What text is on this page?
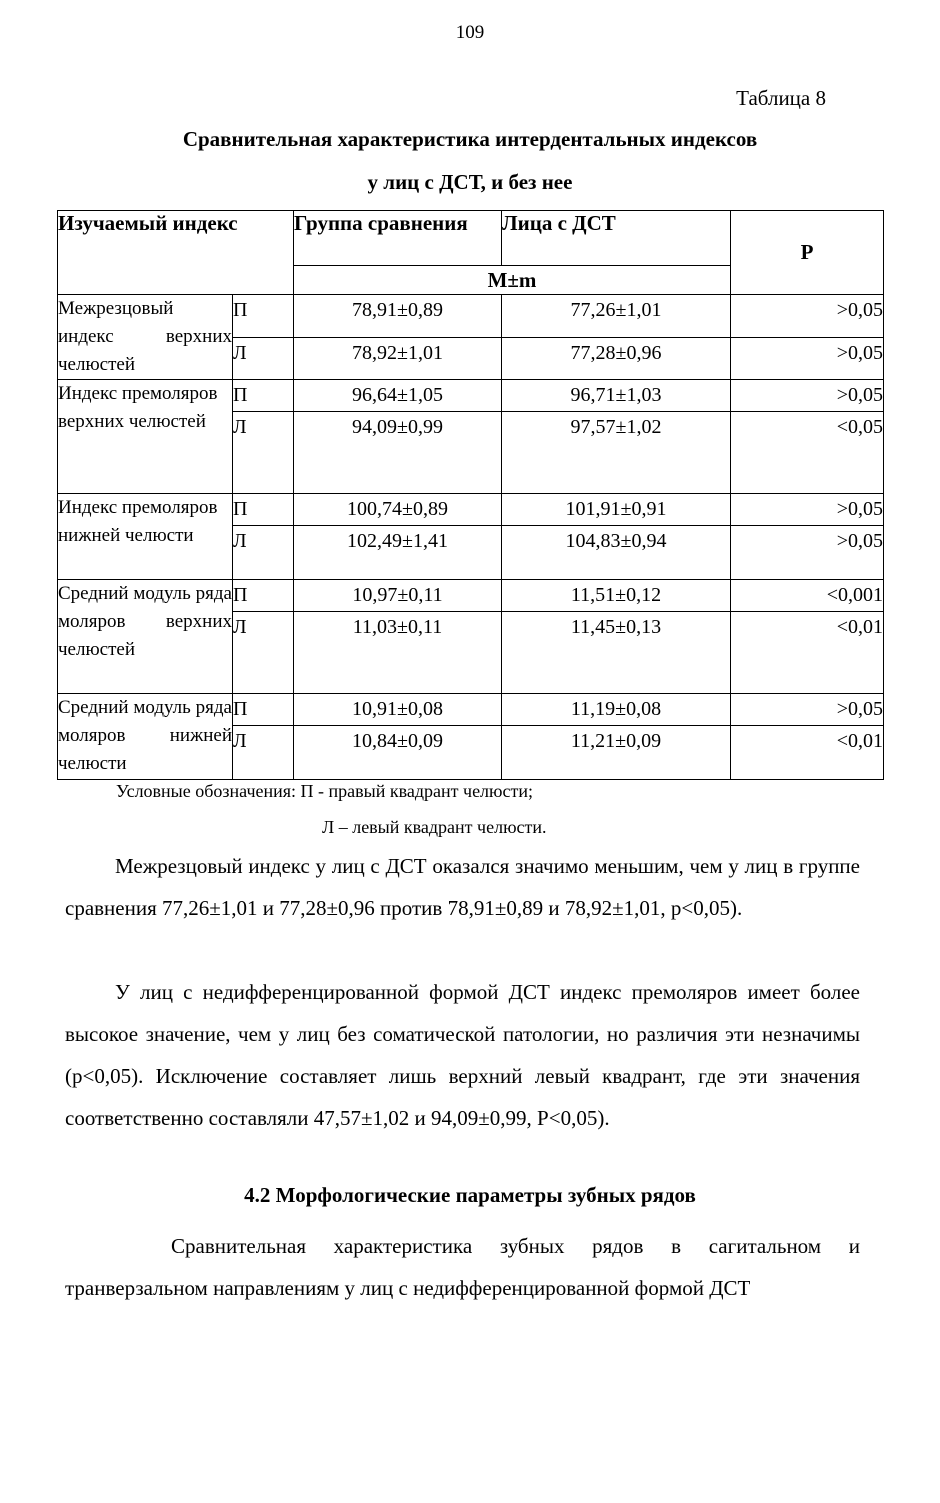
109
Таблица 8
Сравнительная характеристика интердентальных индексов
у лиц с ДСТ, и без нее
Изучаемый индекс		Группа сравнения	Лица с ДСТ	Р
		M±m		

Межрезцовый индекс верхних челюстей	П	78,91±0,89	77,26±1,01	>0,05
	Л	78,92±1,01	77,28±0,96	>0,05
Индекс премоляров верхних челюстей	П	96,64±1,05	96,71±1,03	>0,05
	Л	94,09±0,99	97,57±1,02	<0,05
Индекс премоляров нижней челюсти	П	100,74±0,89	101,91±0,91	>0,05
	Л	102,49±1,41	104,83±0,94	>0,05

Средний модуль ряда моляров верхних челюстей	П	10,97±0,11	11,51±0,12	<0,001
	Л	11,03±0,11	11,45±0,13	<0,01

Средний модуль ряда моляров нижней челюсти	П	10,91±0,08	11,19±0,08	>0,05
	Л	10,84±0,09	11,21±0,09	<0,01
Условные обозначения: П - правый квадрант челюсти;
Л – левый квадрант челюсти.

Межрезцовый индекс у лиц с ДСТ оказался значимо меньшим, чем у лиц в группе сравнения 77,26±1,01 и 77,28±0,96 против 78,91±0,89 и 78,92±1,01, p<0,05).

У лиц с недифференцированной формой ДСТ индекс премоляров имеет более высокое значение, чем у лиц без соматической патологии, но различия эти незначимы (p<0,05). Исключение составляет лишь верхний левый квадрант, где эти значения соответственно составляли 47,57±1,02 и 94,09±0,99, P<0,05).

4.2 Морфологические параметры зубных рядов

Сравнительная характеристика зубных рядов в сагитальном и транверзальном направлениям у лиц с недифференцированной формой ДСТ
